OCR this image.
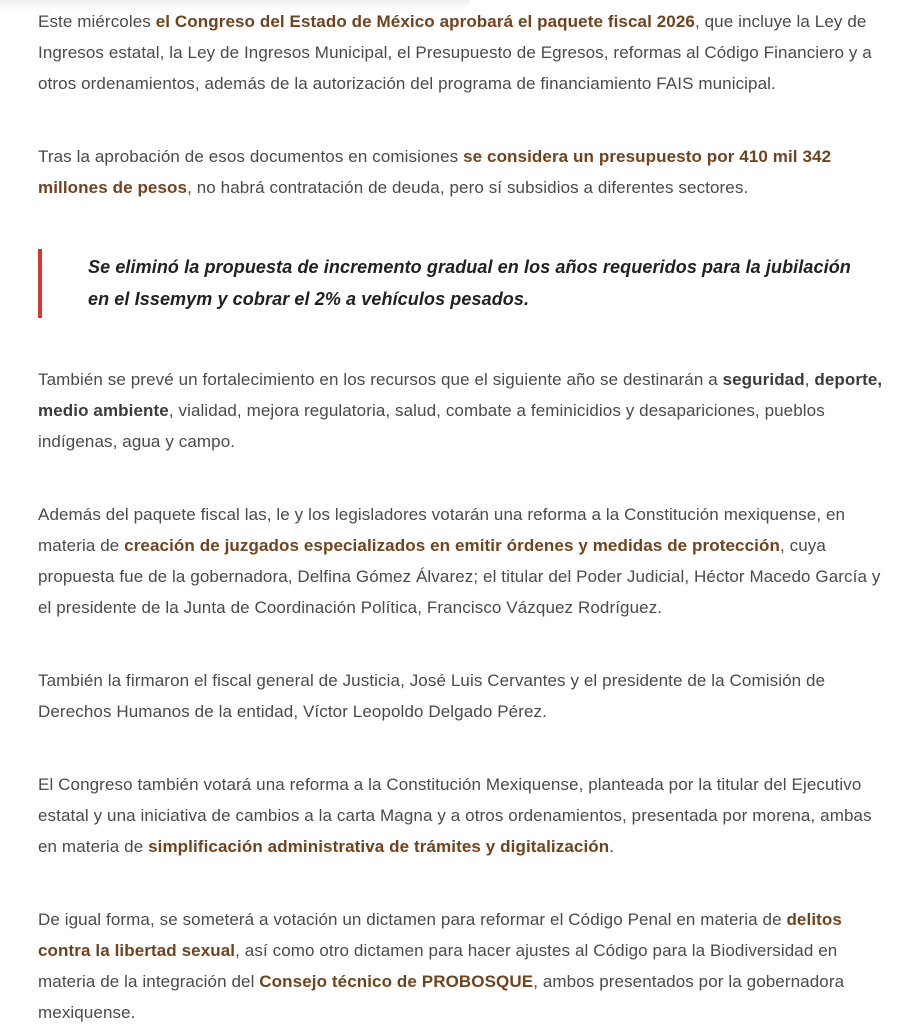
Este miércoles el Congreso del Estado de México aprobará el paquete fiscal 2026, que incluye la Ley de Ingresos estatal, la Ley de Ingresos Municipal, el Presupuesto de Egresos, reformas al Código Financiero y a otros ordenamientos, además de la autorización del programa de financiamiento FAIS municipal.

Tras la aprobación de esos documentos en comisiones se considera un presupuesto por 410 mil 342 millones de pesos, no habrá contratación de deuda, pero sí subsidios a diferentes sectores.

Se eliminó la propuesta de incremento gradual en los años requeridos para la jubilación en el Issemym y cobrar el 2% a vehículos pesados.

También se prevé un fortalecimiento en los recursos que el siguiente año se destinarán a seguridad, deporte, medio ambiente, vialidad, mejora regulatoria, salud, combate a feminicidios y desapariciones, pueblos indígenas, agua y campo.

Además del paquete fiscal las, le y los legisladores votarán una reforma a la Constitución mexiquense, en materia de creación de juzgados especializados en emitir órdenes y medidas de protección, cuya propuesta fue de la gobernadora, Delfina Gómez Álvarez; el titular del Poder Judicial, Héctor Macedo García y el presidente de la Junta de Coordinación Política, Francisco Vázquez Rodríguez.

También la firmaron el fiscal general de Justicia, José Luis Cervantes y el presidente de la Comisión de Derechos Humanos de la entidad, Víctor Leopoldo Delgado Pérez.

El Congreso también votará una reforma a la Constitución Mexiquense, planteada por la titular del Ejecutivo estatal y una iniciativa de cambios a la carta Magna y a otros ordenamientos, presentada por morena, ambas en materia de simplificación administrativa de trámites y digitalización.

De igual forma, se someterá a votación un dictamen para reformar el Código Penal en materia de delitos contra la libertad sexual, así como otro dictamen para hacer ajustes al Código para la Biodiversidad en materia de la integración del Consejo técnico de PROBOSQUE, ambos presentados por la gobernadora mexiquense.
